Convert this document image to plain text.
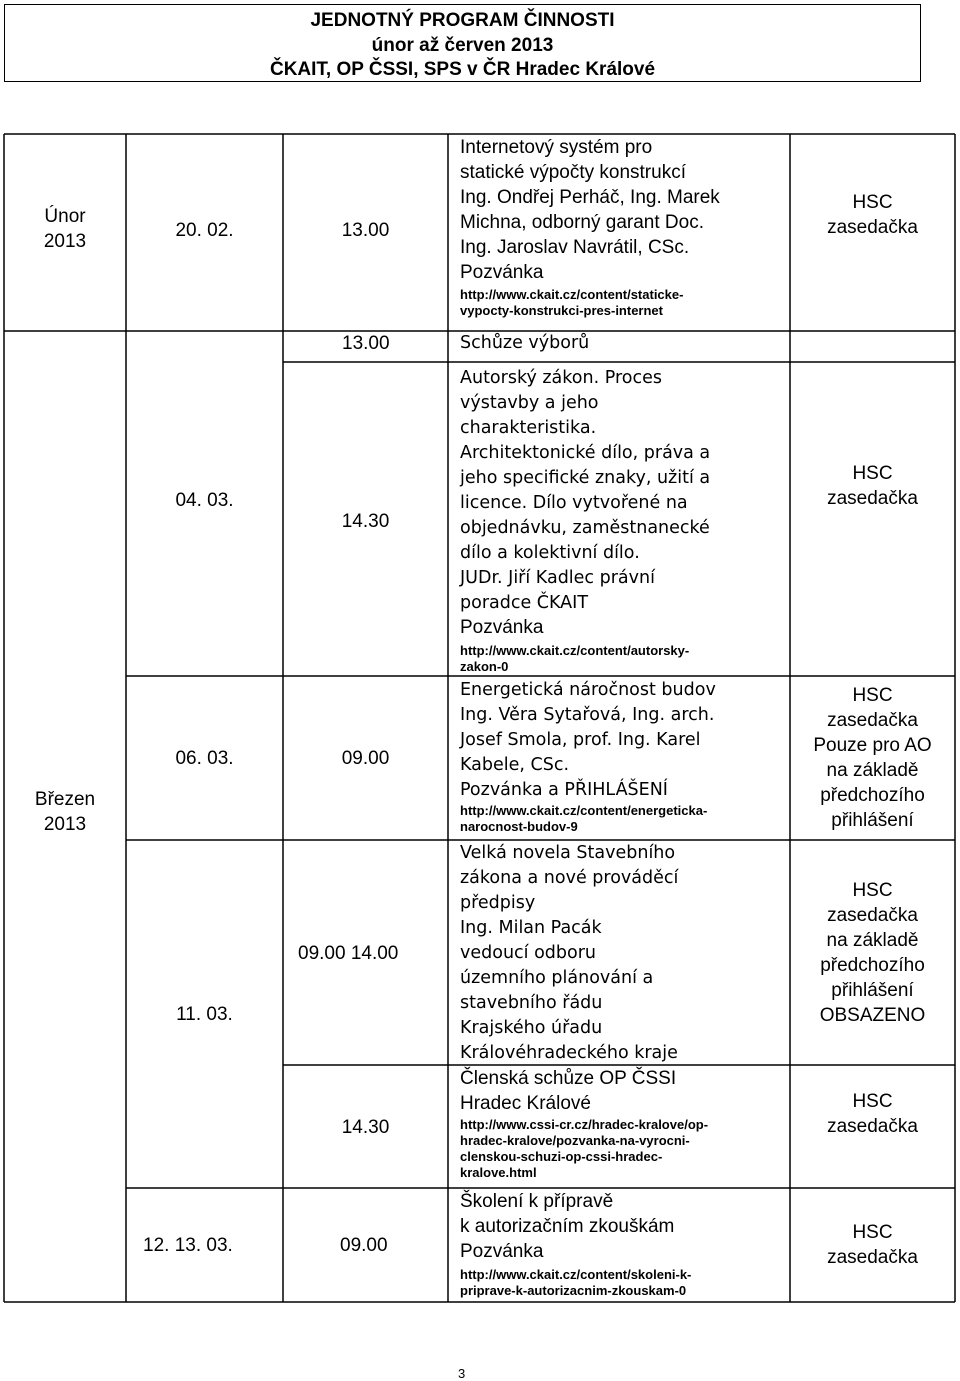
JEDNOTNÝ PROGRAM ČINNOSTI
únor až červen 2013
ČKAIT, OP ČSSI, SPS v ČR Hradec Králové
Únor
2013
Březen
2013
20. 02.
04. 03.
06. 03.
11. 03.
12. 13. 03.
13.00
13.00
14.30
09.00
09.00 14.00
14.30
09.00
Internetový systém pro
statické výpočty konstrukcí
Ing. Ondřej Perháč, Ing. Marek
Michna, odborný garant Doc.
Ing. Jaroslav Navrátil, CSc.
Pozvánka
http://www.ckait.cz/content/staticke-
vypocty-konstrukci-pres-internet
Schůze výborů
Autorský zákon. Proces
výstavby a jeho
charakteristika.
Architektonické dílo, práva a
jeho specifické znaky, užití a
licence. Dílo vytvořené na
objednávku, zaměstnanecké
dílo a kolektivní dílo.
JUDr. Jiří Kadlec právní
poradce ČKAIT
Pozvánka
http://www.ckait.cz/content/autorsky-
zakon-0
Energetická náročnost budov
Ing. Věra Sytařová, Ing. arch.
Josef Smola, prof. Ing. Karel
Kabele, CSc.
Pozvánka a PŘIHLÁŠENÍ
http://www.ckait.cz/content/energeticka-
narocnost-budov-9
Velká novela Stavebního
zákona a nové prováděcí
předpisy
Ing. Milan Pacák
vedoucí odboru
územního plánování a
stavebního řádu
Krajského úřadu
Královéhradeckého kraje
Členská schůze OP ČSSI
Hradec Králové
http://www.cssi-cr.cz/hradec-kralove/op-
hradec-kralove/pozvanka-na-vyrocni-
clenskou-schuzi-op-cssi-hradec-
kralove.html
Školení k přípravě
k autorizačním zkouškám
Pozvánka
http://www.ckait.cz/content/skoleni-k-
priprave-k-autorizacnim-zkouskam-0
HSC
zasedačka
HSC
zasedačka
HSC
zasedačka
Pouze pro AO
na základě
předchozího
přihlášení
HSC
zasedačka
na základě
předchozího
přihlášení
OBSAZENO
HSC
zasedačka
HSC
zasedačka
3
